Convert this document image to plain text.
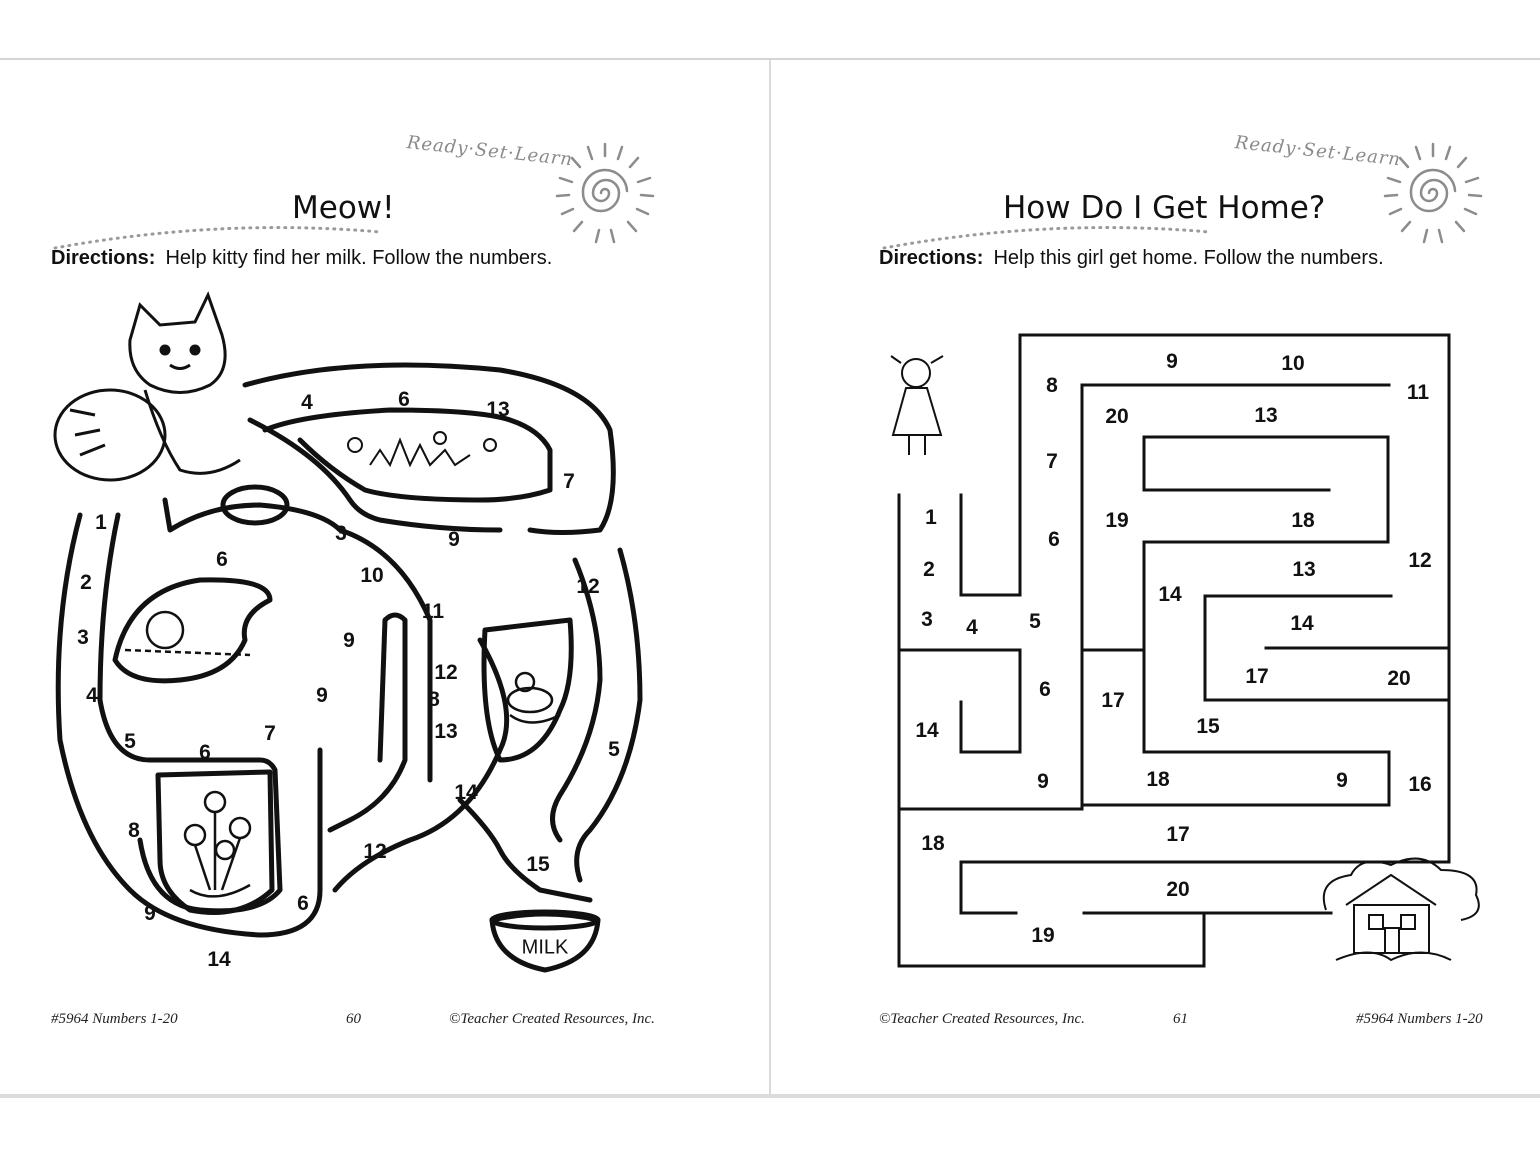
Ready·Set·Learn
Meow!
Directions: Help kitty find her milk. Follow the numbers.
MILK
1
2
3
4
5	6
7
8
9
14
6
9
12
15
4	6	13
7
3	9
6
10
11
9
8
12
13
14
12
5
#5964 Numbers 1-20	60	©Teacher Created Resources, Inc.
Ready·Set·Learn
How Do I Get Home?
Directions: Help this girl get home. Follow the numbers.
9	10
11
8
20	13
7
19	18
1
6
2	12
13
14
3 4 5	14
17	20
6 17
15
14
9	18	9	16
17
18
20
19
©Teacher Created Resources, Inc.	61	#5964 Numbers 1-20
